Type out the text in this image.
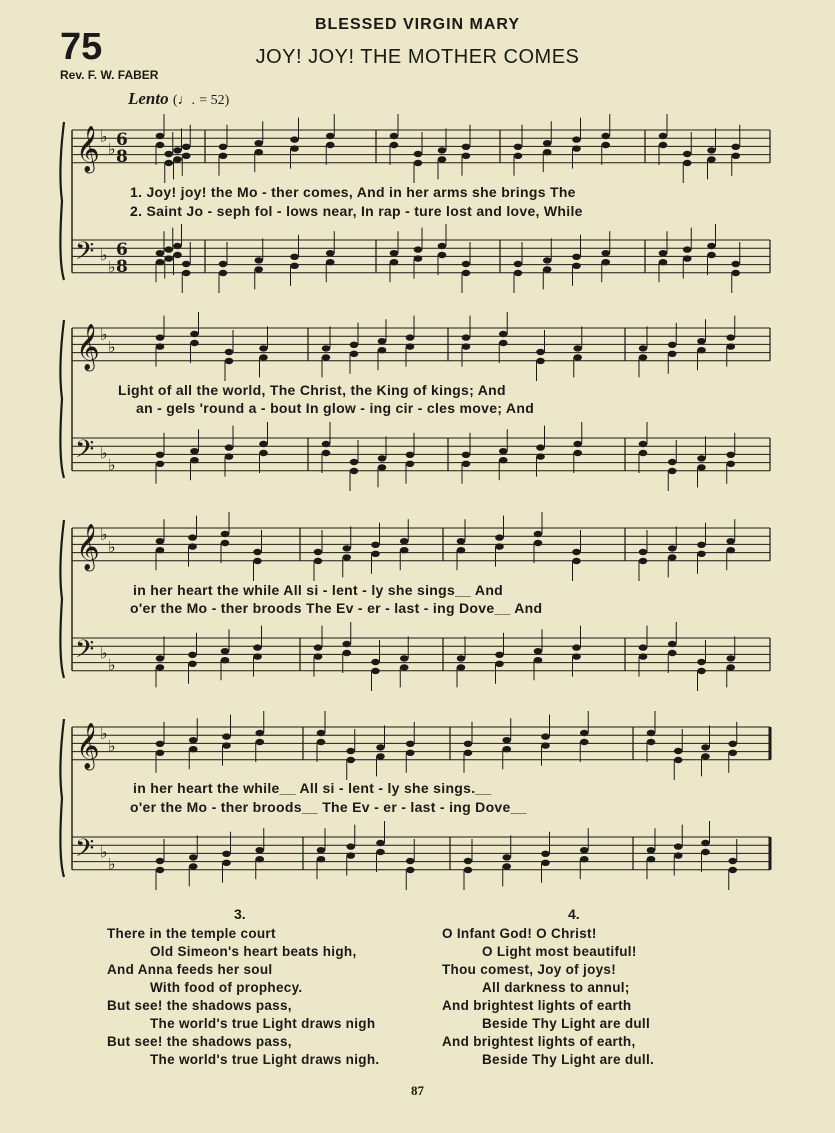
BLESSED VIRGIN MARY
75	JOY! JOY! THE MOTHER COMES
Rev. F. W. FABER
Lento (♩. = 52)
𝄞 ♭
♭ 6
8
𝄢 ♭
♭
6
8
𝄞 ♭
♭
𝄢 ♭
♭
𝄞 ♭
♭
𝄢 ♭
♭
𝄞 ♭
♭
𝄢 ♭
♭
1. Joy! joy! the Mo - ther comes, And in her arms she brings The
2. Saint Jo - seph fol - lows near, In rap - ture lost and love, While
Light of all the world, The Christ, the King of kings; And
an - gels 'round a - bout In glow - ing cir - cles move; And
in her heart the while All si - lent - ly she sings__ And
o'er the Mo - ther broods The Ev - er - last - ing Dove__ And
in her heart the while__ All si - lent - ly she sings.__
o'er the Mo - ther broods__ The Ev - er - last - ing Dove__
3.
There in the temple court
Old Simeon's heart beats high,
And Anna feeds her soul
With food of prophecy.
But see! the shadows pass,
The world's true Light draws nigh
But see! the shadows pass,
The world's true Light draws nigh.
4.
O Infant God! O Christ!
O Light most beautiful!
Thou comest, Joy of joys!
All darkness to annul;
And brightest lights of earth
Beside Thy Light are dull
And brightest lights of earth,
Beside Thy Light are dull.
87
